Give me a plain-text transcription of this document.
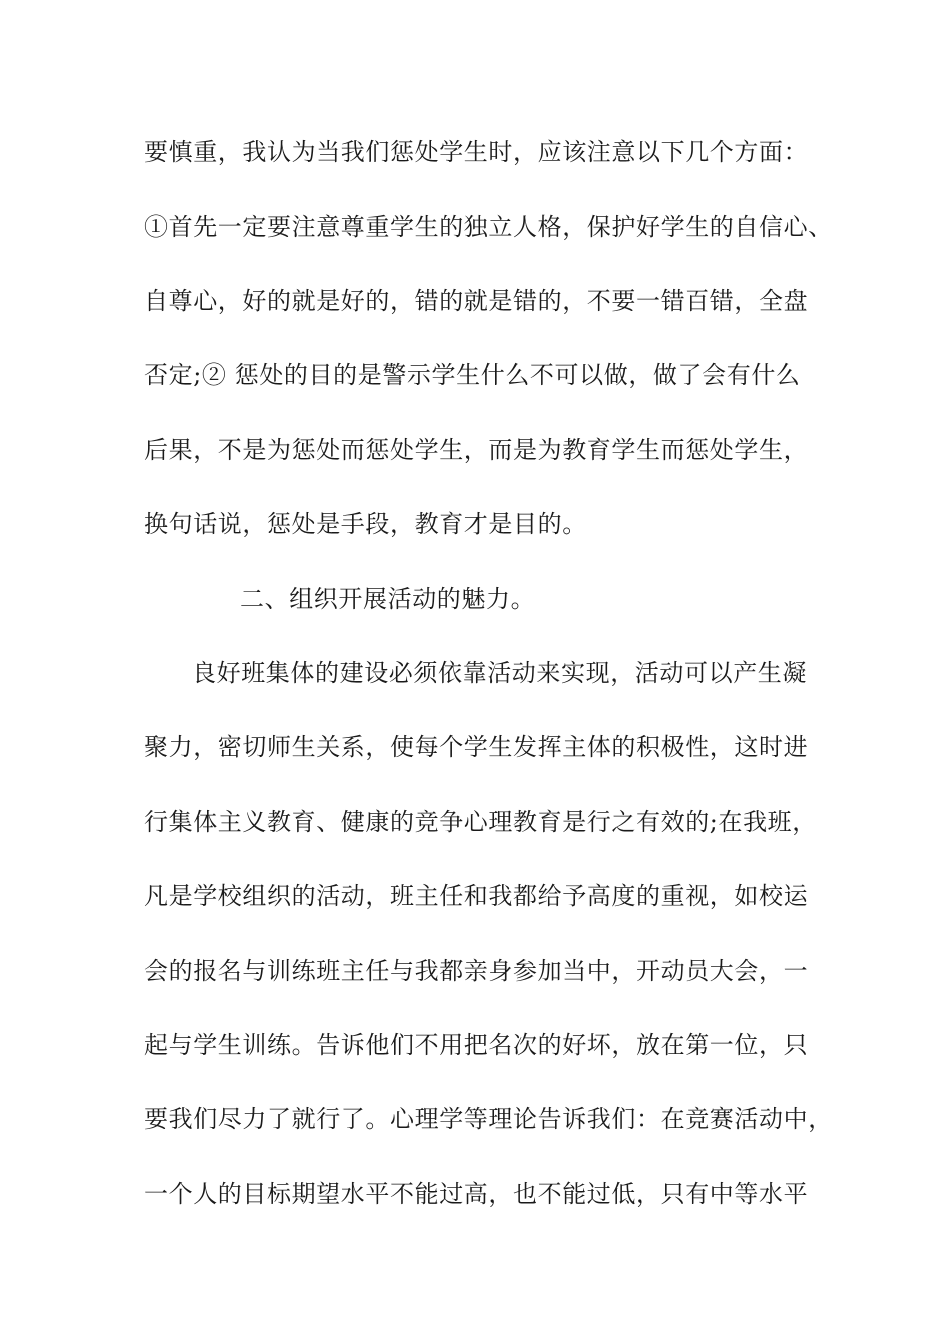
要慎重，我认为当我们惩处学生时，应该注意以下几个方面：
①首先一定要注意尊重学生的独立人格，保护好学生的自信心、
自尊心，好的就是好的，错的就是错的，不要一错百错，全盘
否定;② 惩处的目的是警示学生什么不可以做，做了会有什么
后果，不是为惩处而惩处学生，而是为教育学生而惩处学生，
换句话说，惩处是手段，教育才是目的。
二、组织开展活动的魅力。
良好班集体的建设必须依靠活动来实现，活动可以产生凝
聚力，密切师生关系，使每个学生发挥主体的积极性，这时进
行集体主义教育、健康的竞争心理教育是行之有效的;在我班，
凡是学校组织的活动，班主任和我都给予高度的重视，如校运
会的报名与训练班主任与我都亲身参加当中，开动员大会，一
起与学生训练。告诉他们不用把名次的好坏，放在第一位，只
要我们尽力了就行了。心理学等理论告诉我们：在竞赛活动中，
一个人的目标期望水平不能过高，也不能过低，只有中等水平
